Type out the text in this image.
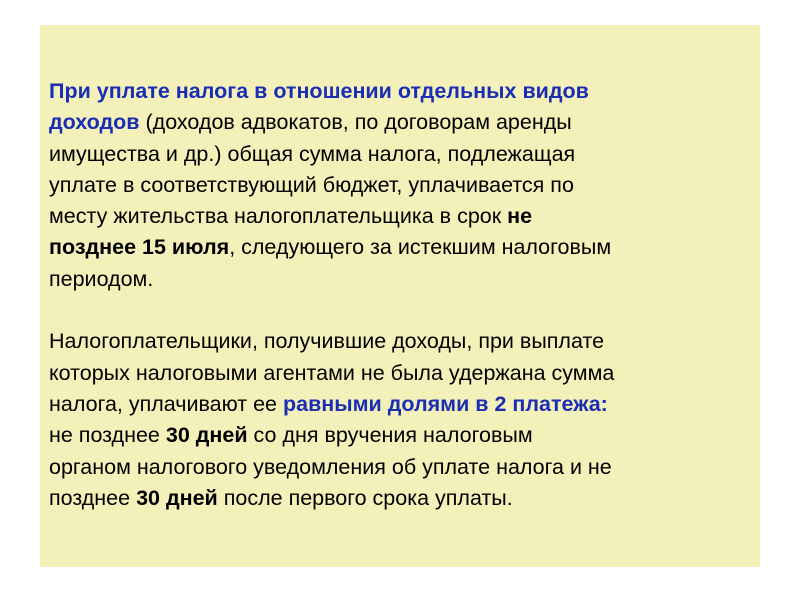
При уплате налога в отношении отдельных видов
доходов (доходов адвокатов, по договорам аренды
имущества и др.) общая сумма налога, подлежащая
уплате в соответствующий бюджет, уплачивается по
месту жительства налогоплательщика в срок не
позднее 15 июля, следующего за истекшим налоговым
периодом.
Налогоплательщики, получившие доходы, при выплате
которых налоговыми агентами не была удержана сумма
налога, уплачивают ее равными долями в 2 платежа:
не позднее 30 дней со дня вручения налоговым
органом налогового уведомления об уплате налога и не
позднее 30 дней после первого срока уплаты.
